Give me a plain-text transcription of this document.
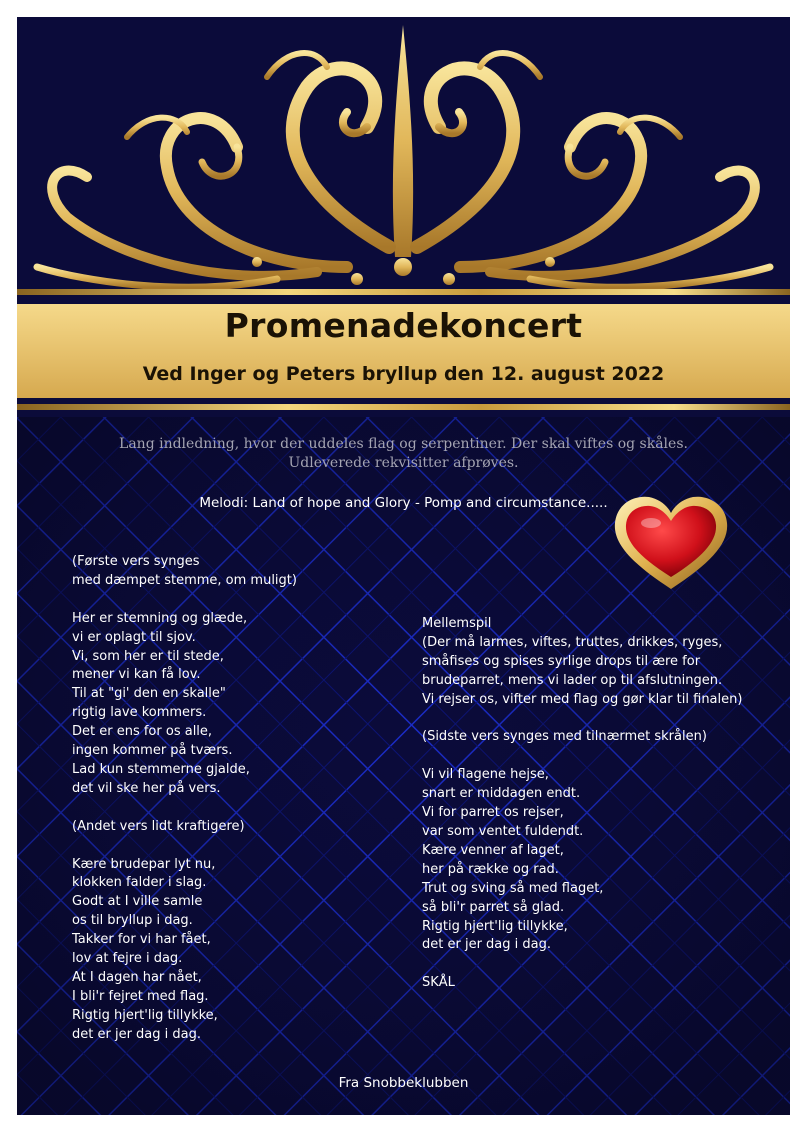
Promenadekoncert
Ved Inger og Peters bryllup den 12. august 2022

Lang indledning, hvor der uddeles flag og serpentiner. Der skal viftes og skåles.
Udleverede rekvisitter afprøves.

Melodi: Land of hope and Glory - Pomp and circumstance.....

(Første vers synges
med dæmpet stemme, om muligt)

Her er stemning og glæde,
vi er oplagt til sjov.
Vi, som her er til stede,
mener vi kan få lov.
Til at "gi' den en skalle"
rigtig lave kommers.
Det er ens for os alle,
ingen kommer på tværs.
Lad kun stemmerne gjalde,
det vil ske her på vers.

(Andet vers lidt kraftigere)

Kære brudepar lyt nu,
klokken falder i slag.
Godt at I ville samle
os til bryllup i dag.
Takker for vi har fået,
lov at fejre i dag.
At I dagen har nået,
I bli'r fejret med flag.
Rigtig hjert'lig tillykke,
det er jer dag i dag.
Mellemspil
(Der må larmes, viftes, truttes, drikkes, ryges,
småfises og spises syrlige drops til ære for
brudeparret, mens vi lader op til afslutningen.
Vi rejser os, vifter med flag og gør klar til finalen)

(Sidste vers synges med tilnærmet skrålen)

Vi vil flagene hejse,
snart er middagen endt.
Vi for parret os rejser,
var som ventet fuldendt.
Kære venner af laget,
her på række og rad.
Trut og sving så med flaget,
så bli'r parret så glad.
Rigtig hjert'lig tillykke,
det er jer dag i dag.

SKÅL

Fra Snobbeklubben
